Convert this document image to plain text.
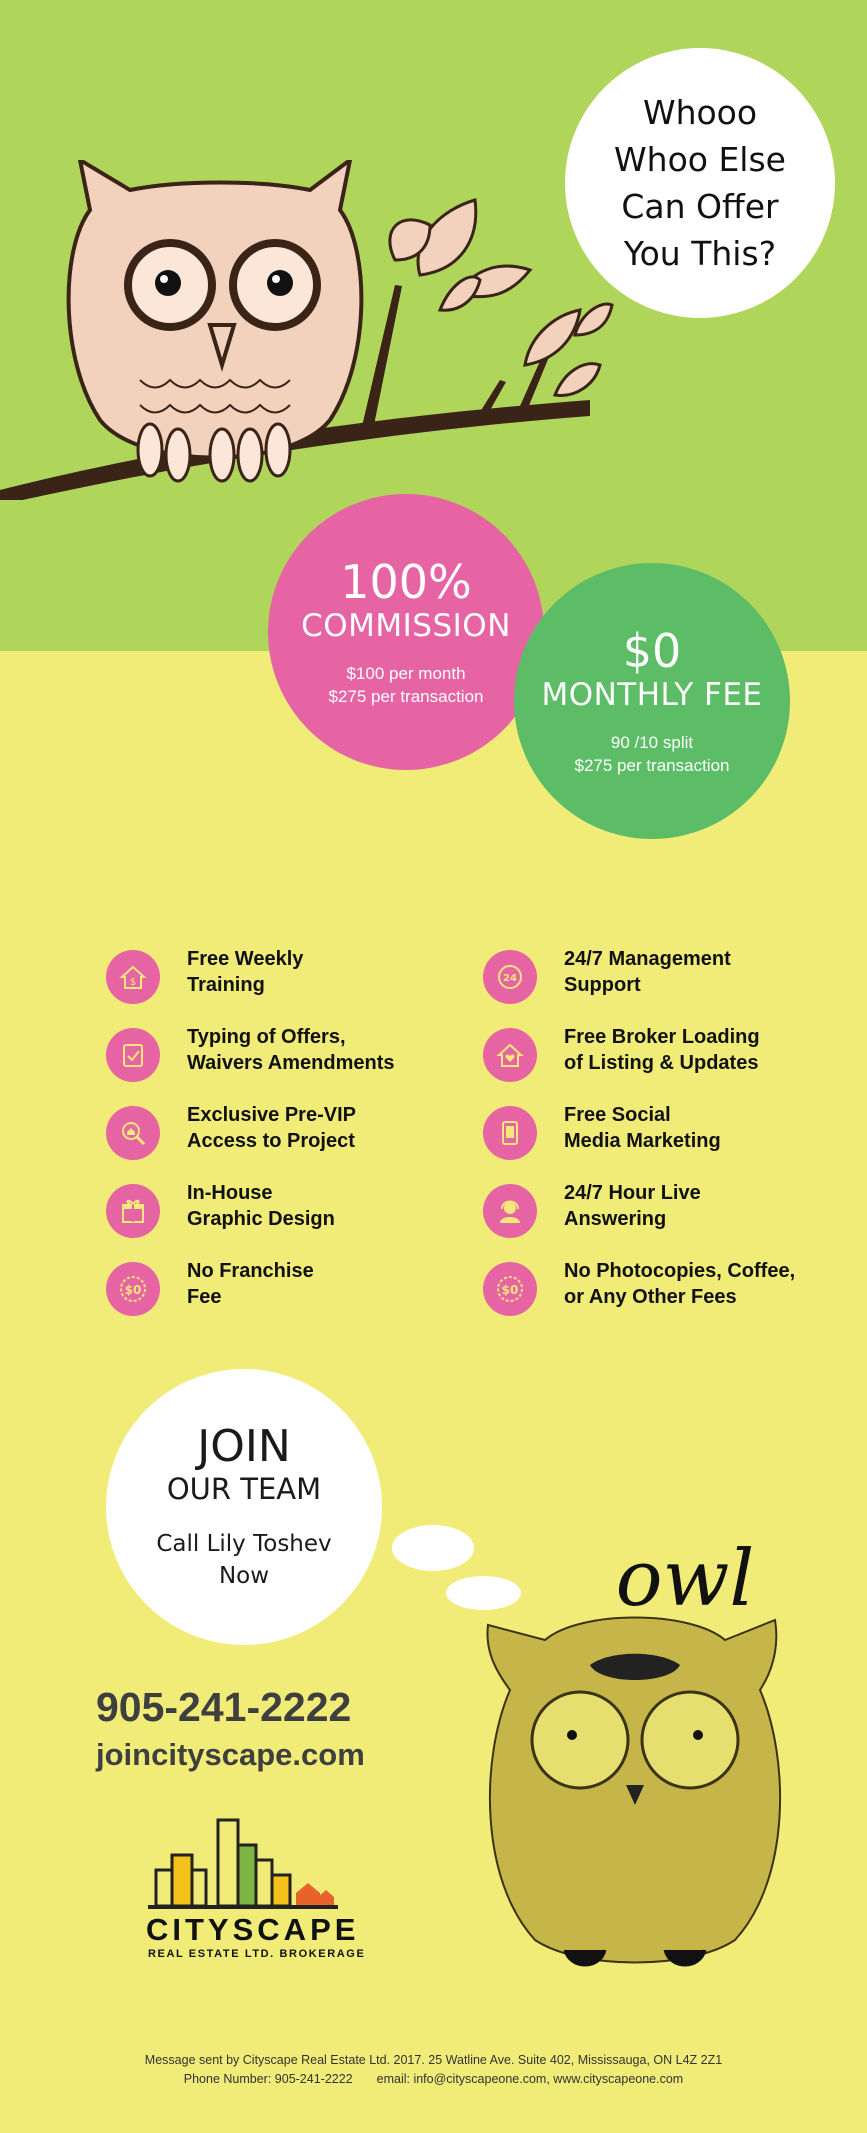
Whooo
Whoo Else
Can Offer
You This?
100%
COMMISSION
$100 per month
$275 per transaction
$0
MONTHLY FEE
90 /10 split
$275 per transaction
$
Free Weekly
Training
Typing of Offers,
Waivers Amendments
Exclusive Pre-VIP
Access to Project
In-House
Graphic Design
$0
No Franchise
Fee
24
24/7 Management
Support
Free Broker Loading
of Listing & Updates
Free Social
Media Marketing
24/7 Hour Live
Answering
$0
No Photocopies, Coffee,
or Any Other Fees
JOIN
OUR TEAM
Call Lily Toshev
Now
905-241-2222
joincityscape.com
CITYSCAPE
REAL ESTATE LTD. BROKERAGE
owl
Message sent by Cityscape Real Estate Ltd. 2017. 25 Watline Ave. Suite 402, Mississauga, ON L4Z 2Z1
Phone Number: 905-241-2222 email: info@cityscapeone.com, www.cityscapeone.com
